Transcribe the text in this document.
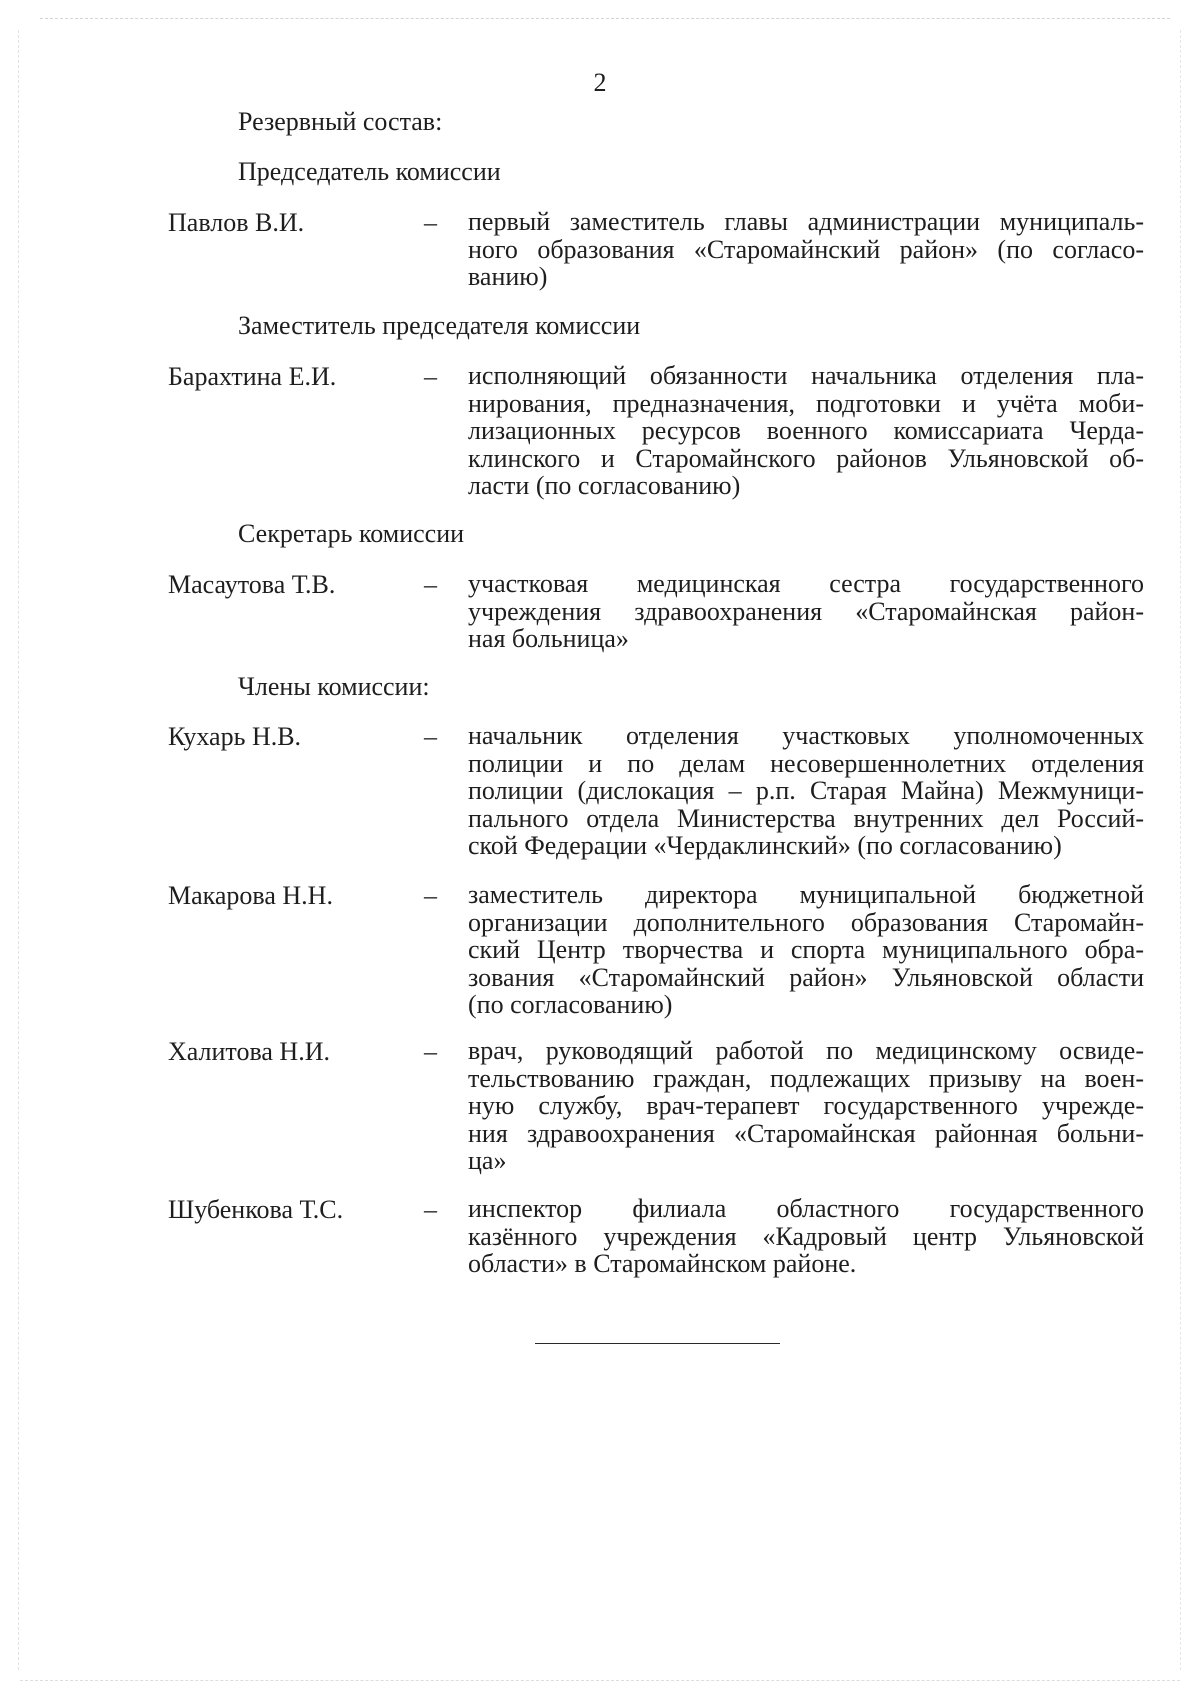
2
Резервный состав:
Председатель комиссии
Павлов В.И.	– первый заместитель главы администрации муниципаль-
ного образования «Старомайнский район» (по согласо-
ванию)
Заместитель председателя комиссии
Барахтина Е.И.	– исполняющий обязанности начальника отделения пла-
нирования, предназначения, подготовки и учёта моби-
лизационных ресурсов военного комиссариата Черда-
клинского и Старомайнского районов Ульяновской об-
ласти (по согласованию)
Секретарь комиссии
Масаутова Т.В.	– участковая медицинская сестра государственного
учреждения здравоохранения «Старомайнская район-
ная больница»
Члены комиссии:
Кухарь Н.В.	– начальник отделения участковых уполномоченных
полиции и по делам несовершеннолетних отделения
полиции (дислокация – р.п. Старая Майна) Межмуници-
пального отдела Министерства внутренних дел Россий-
ской Федерации «Чердаклинский» (по согласованию)
Макарова Н.Н.	– заместитель директора муниципальной бюджетной
организации дополнительного образования Старомайн-
ский Центр творчества и спорта муниципального обра-
зования «Старомайнский район» Ульяновской области
(по согласованию)
Халитова Н.И.	– врач, руководящий работой по медицинскому освиде-
тельствованию граждан, подлежащих призыву на воен-
ную службу, врач-терапевт государственного учрежде-
ния здравоохранения «Старомайнская районная больни-
ца»
Шубенкова Т.С.	– инспектор филиала областного государственного
казённого учреждения «Кадровый центр Ульяновской
области» в Старомайнском районе.
